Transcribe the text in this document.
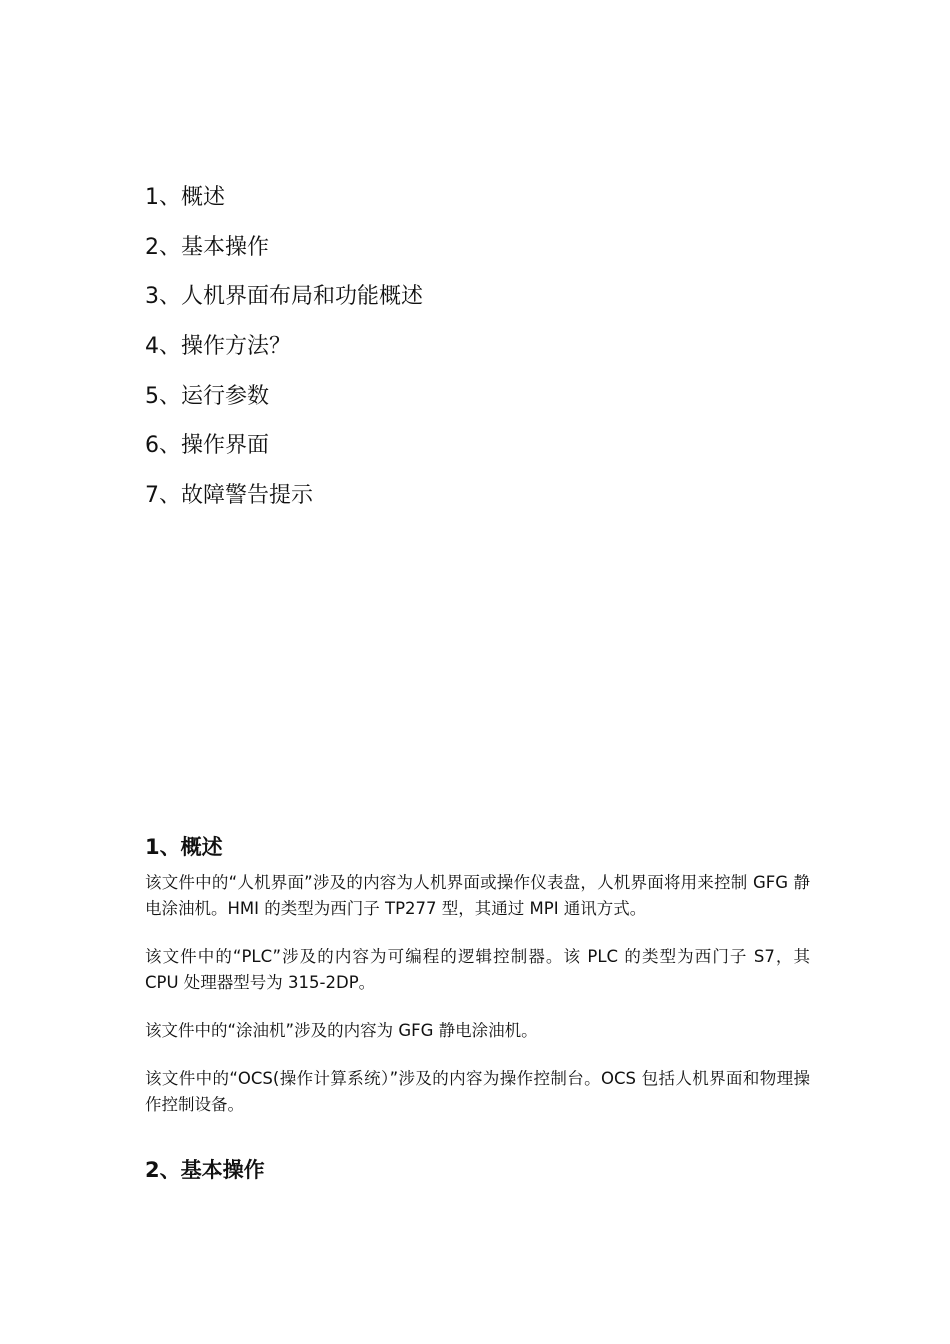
1、概述
2、基本操作
3、人机界面布局和功能概述
4、操作方法？
5、运行参数
6、操作界面
7、故障警告提示
1、概述

该文件中的“人机界面”涉及的内容为人机界面或操作仪表盘，人机界面将用来控制 GFG 静电涂油机。HMI 的类型为西门子 TP277 型，其通过 MPI 通讯方式。

该文件中的“PLC”涉及的内容为可编程的逻辑控制器。该 PLC 的类型为西门子 S7，其 CPU 处理器型号为 315-2DP。

该文件中的“涂油机”涉及的内容为 GFG 静电涂油机。

该文件中的“OCS(操作计算系统）”涉及的内容为操作控制台。OCS 包括人机界面和物理操作控制设备。

2、基本操作
